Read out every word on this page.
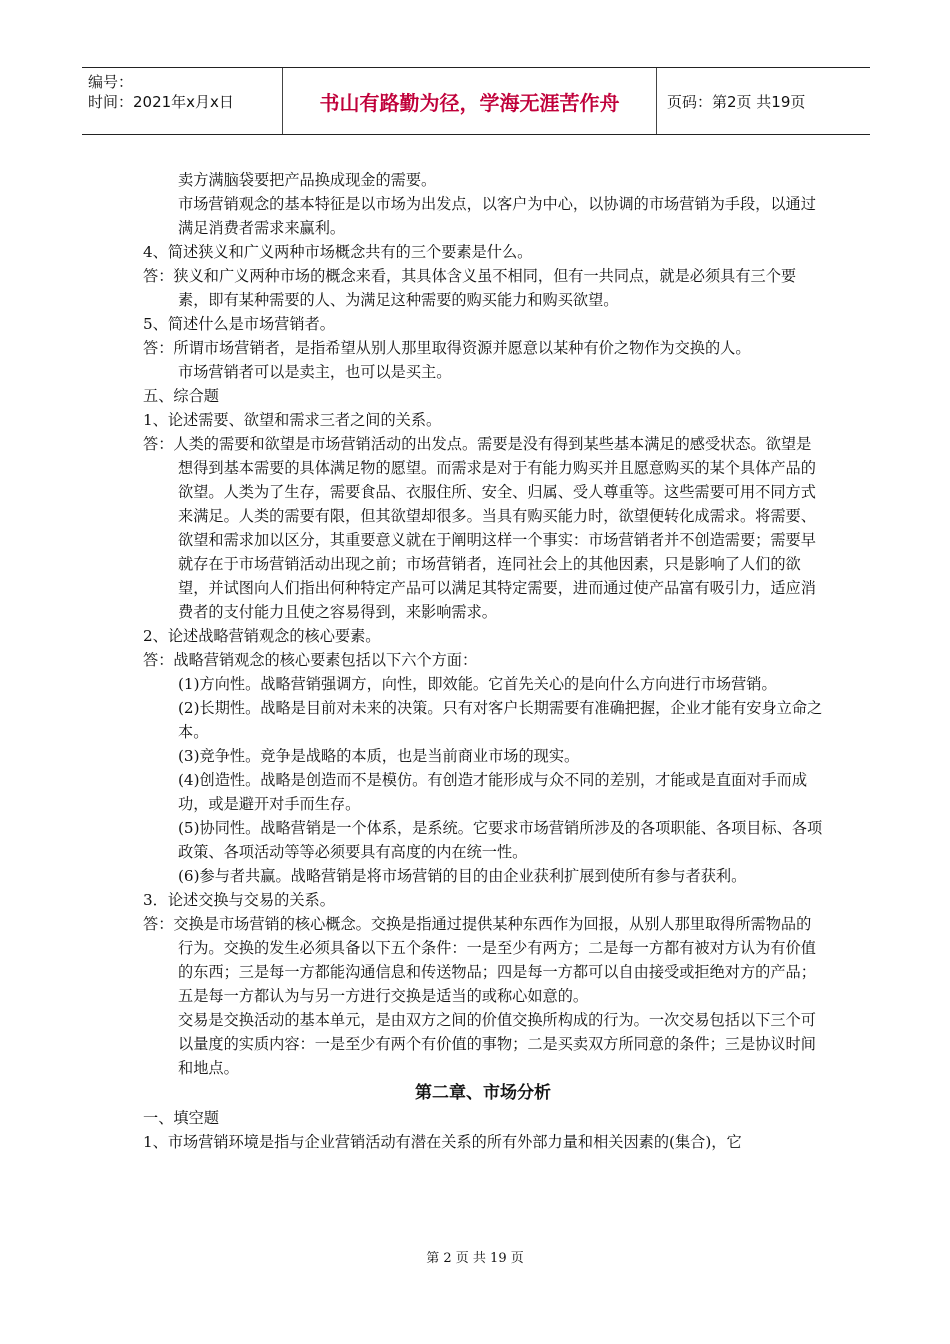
编号：
时间：2021年x月x日	书山有路勤为径，学海无涯苦作舟	页码：第2页 共19页

卖方满脑袋要把产品换成现金的需要。

市场营销观念的基本特征是以市场为出发点，以客户为中心，以协调的市场营销为手段，以通过满足消费者需求来赢利。

4、简述狭义和广义两种市场概念共有的三个要素是什么。

答：狭义和广义两种市场的概念来看，其具体含义虽不相同，但有一共同点，就是必须具有三个要素，即有某种需要的人、为满足这种需要的购买能力和购买欲望。

5、简述什么是市场营销者。

答：所谓市场营销者，是指希望从别人那里取得资源并愿意以某种有价之物作为交换的人。

市场营销者可以是卖主，也可以是买主。

五、综合题

1、论述需要、欲望和需求三者之间的关系。

答：人类的需要和欲望是市场营销活动的出发点。需要是没有得到某些基本满足的感受状态。欲望是想得到基本需要的具体满足物的愿望。而需求是对于有能力购买并且愿意购买的某个具体产品的欲望。人类为了生存，需要食品、衣服住所、安全、归属、受人尊重等。这些需要可用不同方式来满足。人类的需要有限，但其欲望却很多。当具有购买能力时，欲望便转化成需求。将需要、欲望和需求加以区分，其重要意义就在于阐明这样一个事实：市场营销者并不创造需要；需要早就存在于市场营销活动出现之前；市场营销者，连同社会上的其他因素，只是影响了人们的欲望，并试图向人们指出何种特定产品可以满足其特定需要，进而通过使产品富有吸引力，适应消费者的支付能力且使之容易得到，来影响需求。

2、论述战略营销观念的核心要素。

答：战略营销观念的核心要素包括以下六个方面：

(1)方向性。战略营销强调方，向性，即效能。它首先关心的是向什么方向进行市场营销。

(2)长期性。战略是目前对未来的决策。只有对客户长期需要有准确把握，企业才能有安身立命之本。

(3)竞争性。竞争是战略的本质，也是当前商业市场的现实。

(4)创造性。战略是创造而不是模仿。有创造才能形成与众不同的差别，才能或是直面对手而成功，或是避开对手而生存。

(5)协同性。战略营销是一个体系，是系统。它要求市场营销所涉及的各项职能、各项目标、各项政策、各项活动等等必须要具有高度的内在统一性。

(6)参与者共赢。战略营销是将市场营销的目的由企业获利扩展到使所有参与者获利。

3．论述交换与交易的关系。

答：交换是市场营销的核心概念。交换是指通过提供某种东西作为回报，从别人那里取得所需物品的行为。交换的发生必须具备以下五个条件：一是至少有两方；二是每一方都有被对方认为有价值的东西；三是每一方都能沟通信息和传送物品；四是每一方都可以自由接受或拒绝对方的产品；五是每一方都认为与另一方进行交换是适当的或称心如意的。

交易是交换活动的基本单元，是由双方之间的价值交换所构成的行为。一次交易包括以下三个可以量度的实质内容：一是至少有两个有价值的事物；二是买卖双方所同意的条件；三是协议时间和地点。

第二章、市场分析

一、填空题

1、市场营销环境是指与企业营销活动有潜在关系的所有外部力量和相关因素的(集合)，它

第 2 页 共 19 页
